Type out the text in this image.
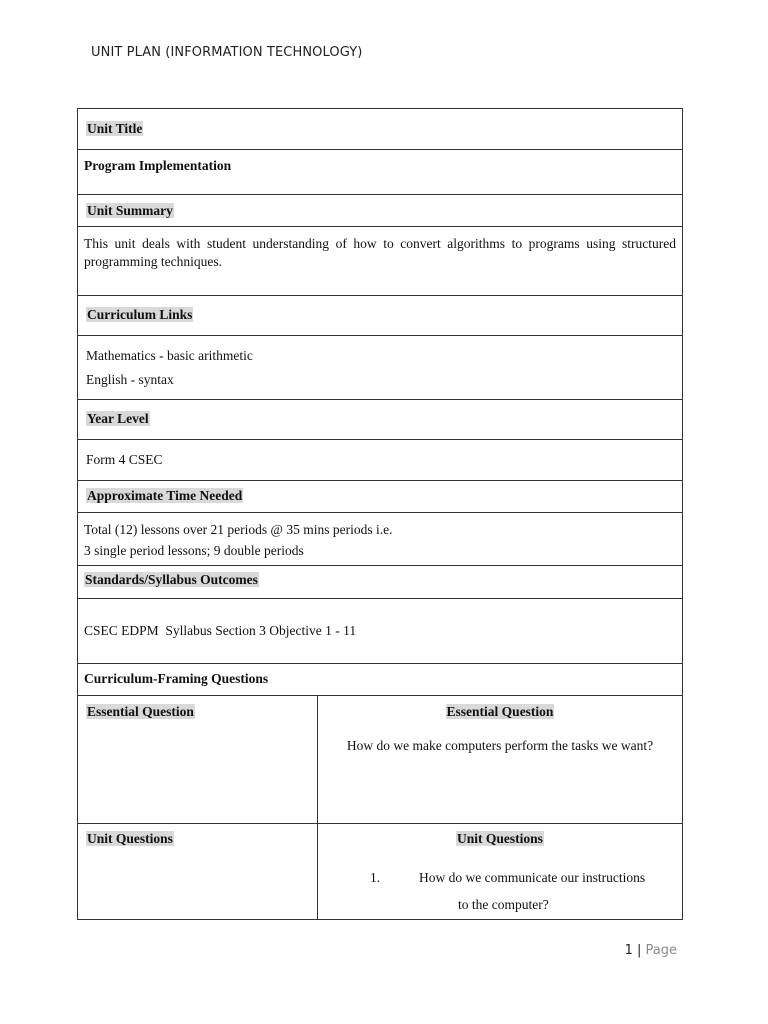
UNIT PLAN (INFORMATION TECHNOLOGY)
Unit Title
Program Implementation
Unit Summary
This unit deals with student understanding of how to convert algorithms to programs using structured programming techniques.
Curriculum Links
Mathematics - basic arithmetic
English - syntax
Year Level
Form 4 CSEC
Approximate Time Needed
Total (12) lessons over 21 periods @ 35 mins periods i.e.
3 single period lessons; 9 double periods
Standards/Syllabus Outcomes
CSEC EDPM  Syllabus Section 3 Objective 1 - 11
Curriculum-Framing Questions
Essential Question	Essential Question
How do we make computers perform the tasks we want?
Unit Questions	Unit Questions
1.	How do we communicate our instructions
to the computer?
1 | Page
